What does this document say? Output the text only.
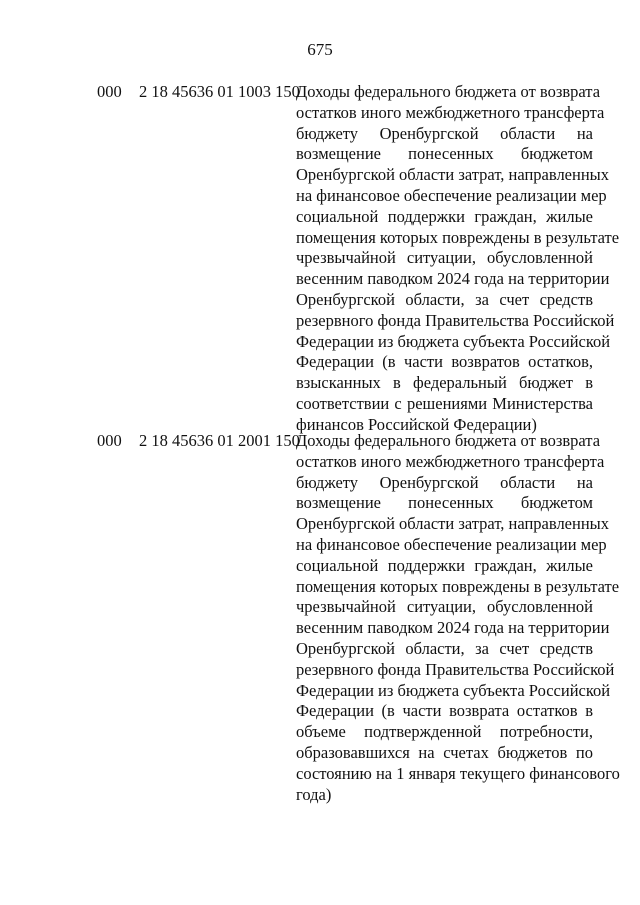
675
000 2 18 45636 01 1003 150
Доходы федерального бюджета от возврата
остатков иного межбюджетного трансферта
бюджету Оренбургской области на
возмещение понесенных бюджетом
Оренбургской области затрат, направленных
на финансовое обеспечение реализации мер
социальной поддержки граждан, жилые
помещения которых повреждены в результате
чрезвычайной ситуации, обусловленной
весенним паводком 2024 года на территории
Оренбургской области, за счет средств
резервного фонда Правительства Российской
Федерации из бюджета субъекта Российской
Федерации (в части возвратов остатков,
взысканных в федеральный бюджет в
соответствии с решениями Министерства
финансов Российской Федерации)
000 2 18 45636 01 2001 150
Доходы федерального бюджета от возврата
остатков иного межбюджетного трансферта
бюджету Оренбургской области на
возмещение понесенных бюджетом
Оренбургской области затрат, направленных
на финансовое обеспечение реализации мер
социальной поддержки граждан, жилые
помещения которых повреждены в результате
чрезвычайной ситуации, обусловленной
весенним паводком 2024 года на территории
Оренбургской области, за счет средств
резервного фонда Правительства Российской
Федерации из бюджета субъекта Российской
Федерации (в части возврата остатков в
объеме подтвержденной потребности,
образовавшихся на счетах бюджетов по
состоянию на 1 января текущего финансового
года)
